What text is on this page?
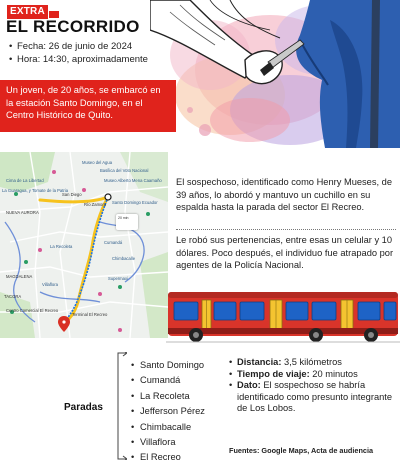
EXTRA
EL RECORRIDO
• Fecha: 26 de junio de 2024
• Hora: 14:30, aproximadamente
Un joven, de 20 años, se embarcó en la estación Santo Domingo, en el Centro Histórico de Quito.
Cima de La Libertad
La Guaragua, y Tomate de la Patria
Museo del Agua
Basílica del Voto Nacional
Museo Alberto Mena Caamaño
San Diego
Río Zamora Santo Domingo Ecuador
NUEVA AURORA
Cumandá
Chimbacalle
La Recoleta
Villaflora
Centro Comercial El Recreo
Terminal El Recreo
TACORA
MAGDALENA	Supermaxi
20 min

El sospechoso, identificado como Henry Mueses, de 39 años, lo abordó y mantuvo un cuchillo en su espalda hasta la parada del sector El Recreo.

Le robó sus pertenencias, entre esas un celular y 10 dólares. Poco después, el individuo fue atrapado por agentes de la Policía Nacional.

Paradas
• Santo Domingo
• Cumandá
• La Recoleta
• Jefferson Pérez
• Chimbacalle
• Villaflora
• El Recreo
• Distancia: 3,5 kilómetros
• Tiempo de viaje: 20 minutos
• Dato: El sospechoso se habría identificado como presunto integrante de Los Lobos.
Fuentes: Google Maps, Acta de audiencia
